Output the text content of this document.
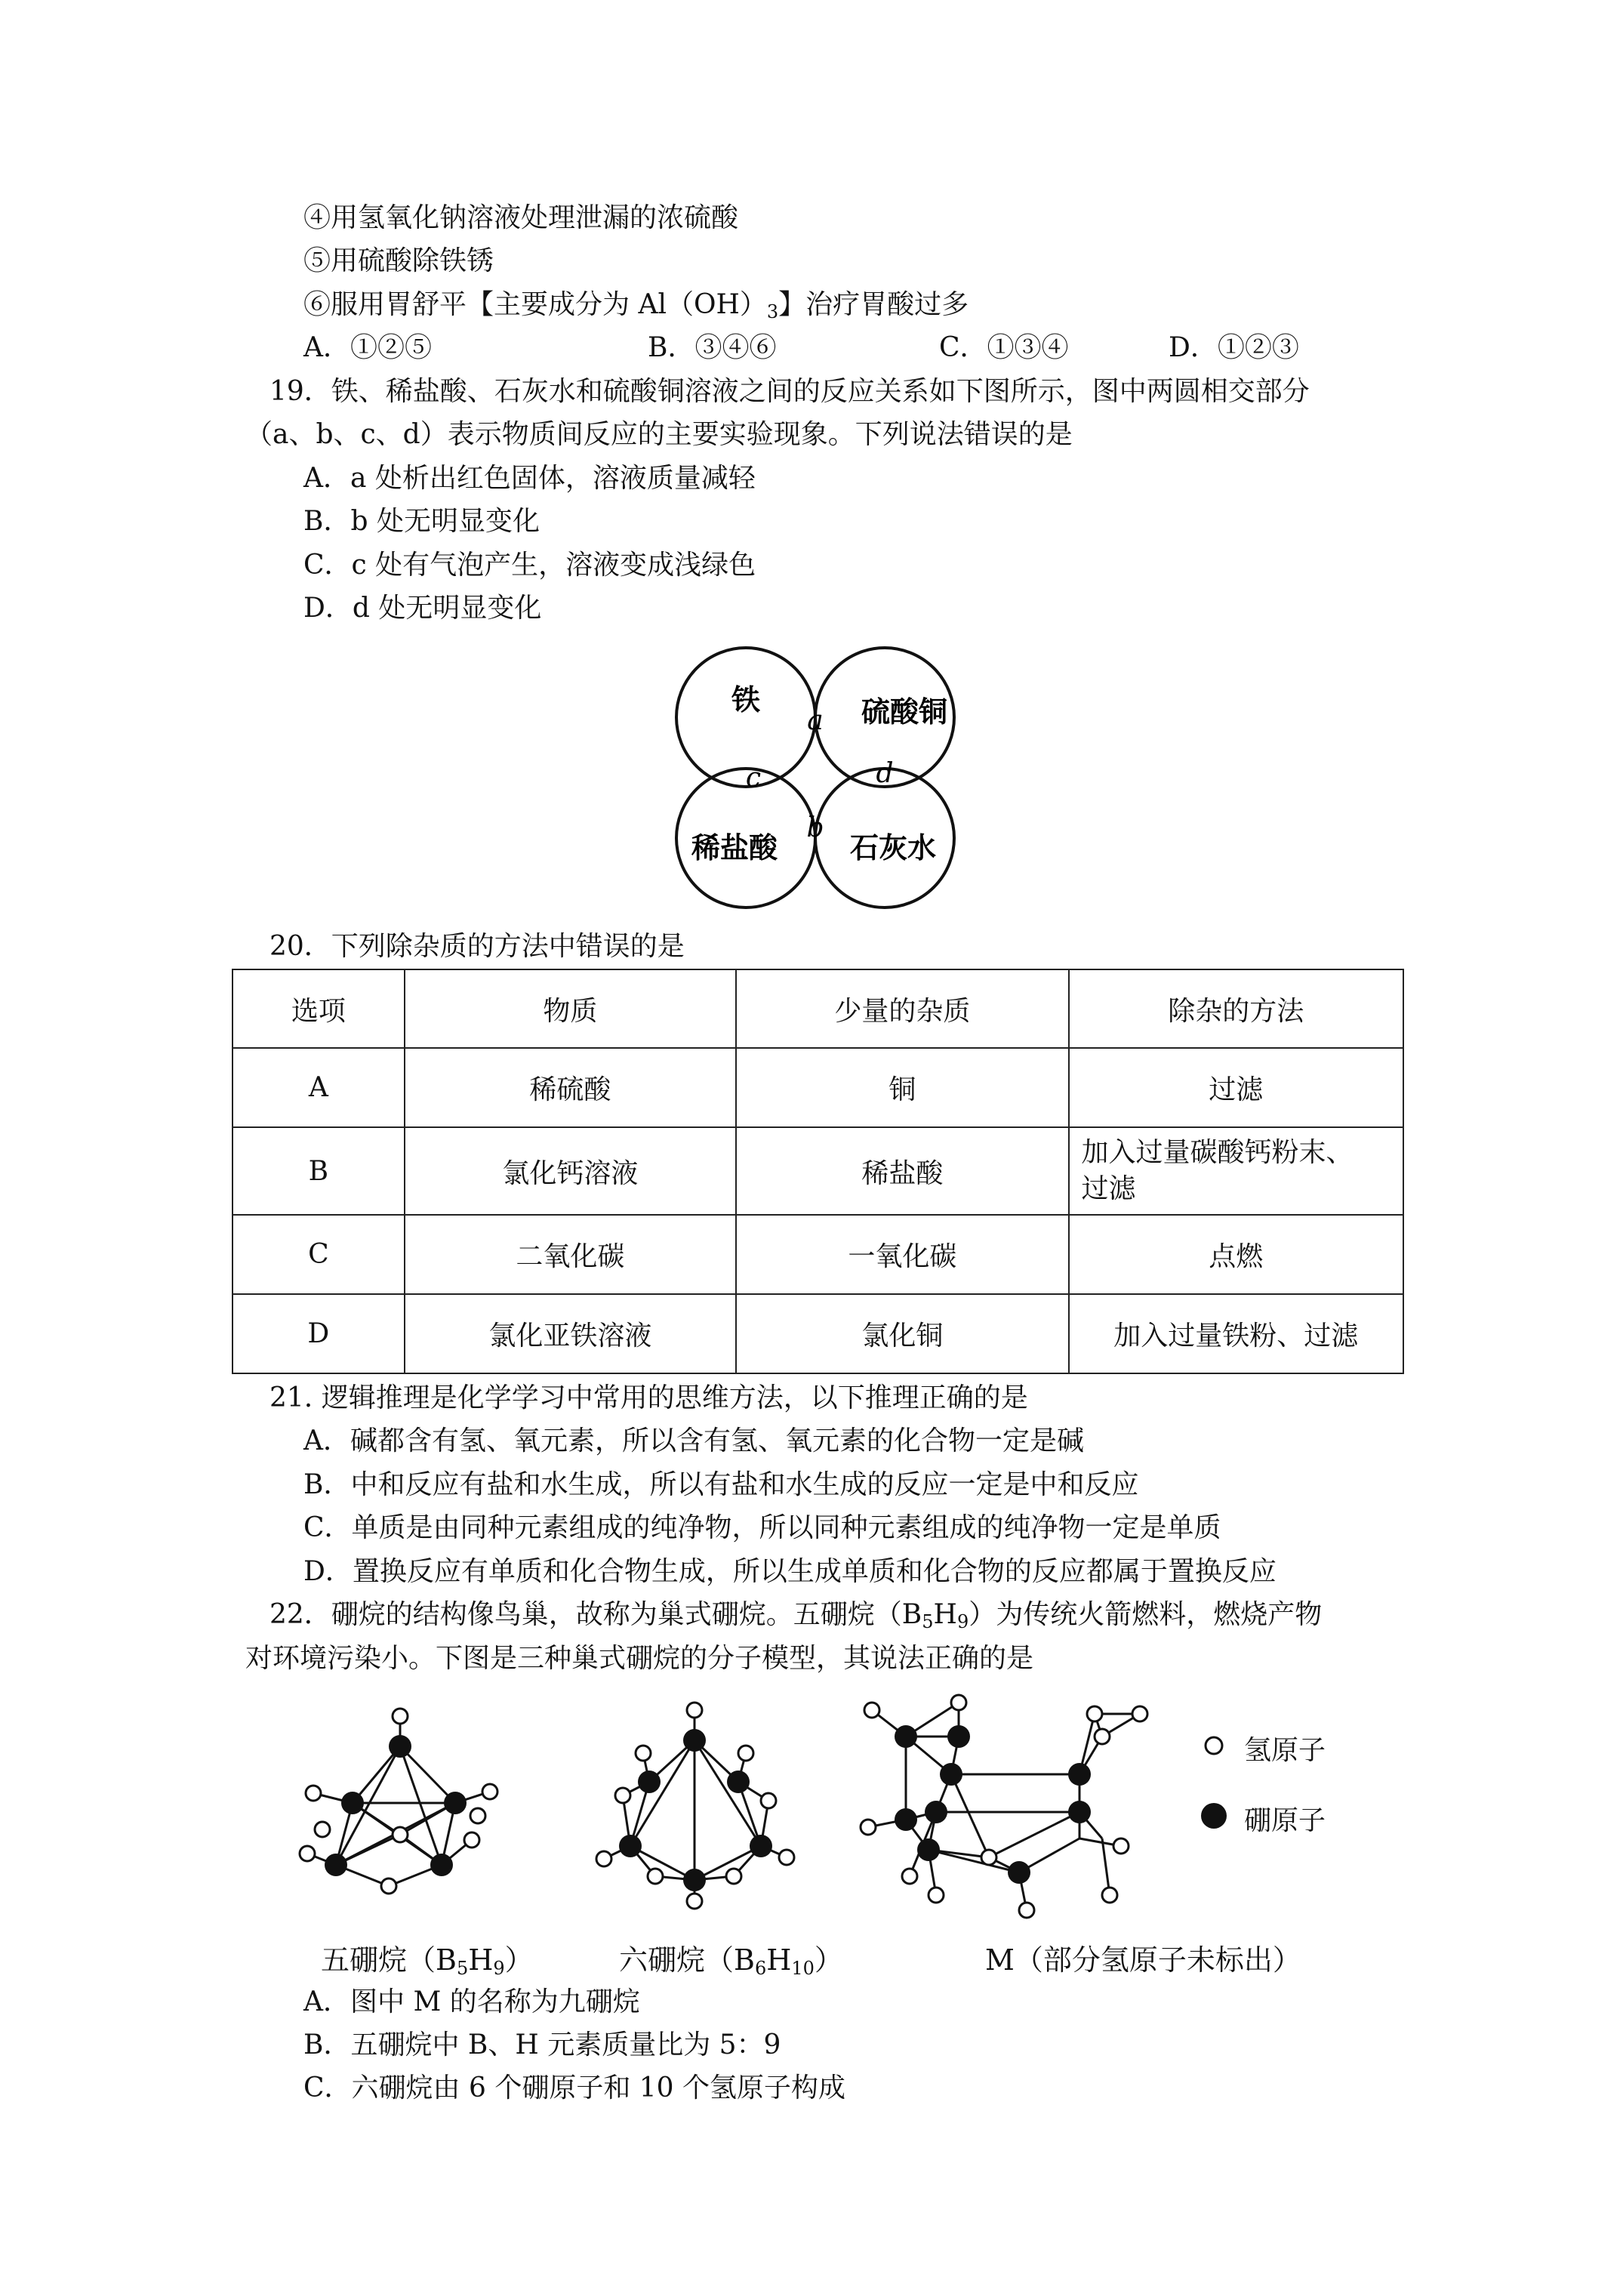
④用氢氧化钠溶液处理泄漏的浓硫酸
⑤用硫酸除铁锈
⑥服用胃舒平【主要成分为 $Al(OH)_3$】治疗胃酸过多
A．①②⑤	B．③④⑥	C．①③④	D．①②③
19．铁、稀盐酸、石灰水和硫酸铜溶液之间的反应关系如下图所示，图中两圆相交部分
（a、b、c、d）表示物质间反应的主要实验现象。下列说法错误的是
A．a 处析出红色固体，溶液质量减轻
B．b 处无明显变化
C．c 处有气泡产生，溶液变成浅绿色
D．d 处无明显变化
铁	硫酸铜
稀盐酸	石灰水
a
b
c	d
20．下列除杂质的方法中错误的是
选项	物质	少量的杂质	除杂的方法
A	稀硫酸	铜	过滤
B	氯化钙溶液	稀盐酸	加入过量碳酸钙粉末、
过滤
C	二氧化碳	一氧化碳	点燃
D	氯化亚铁溶液	氯化铜	加入过量铁粉、过滤
21. 逻辑推理是化学学习中常用的思维方法，以下推理正确的是
A．碱都含有氢、氧元素，所以含有氢、氧元素的化合物一定是碱
B．中和反应有盐和水生成，所以有盐和水生成的反应一定是中和反应
C．单质是由同种元素组成的纯净物，所以同种元素组成的纯净物一定是单质
D．置换反应有单质和化合物生成，所以生成单质和化合物的反应都属于置换反应
22．硼烷的结构像鸟巢，故称为巢式硼烷。五硼烷$(B_5H_9)$为传统火箭燃料，燃烧产物
对环境污染小。下图是三种巢式硼烷的分子模型，其说法正确的是
氢原子
硼原子
五硼烷$(B_5H_9)$	六硼烷$(B_6H_{10})$	M（部分氢原子未标出）
A．图中 M 的名称为九硼烷
B．五硼烷中 B、H 元素质量比为 5：9
C．六硼烷由 6 个硼原子和 10 个氢原子构成
